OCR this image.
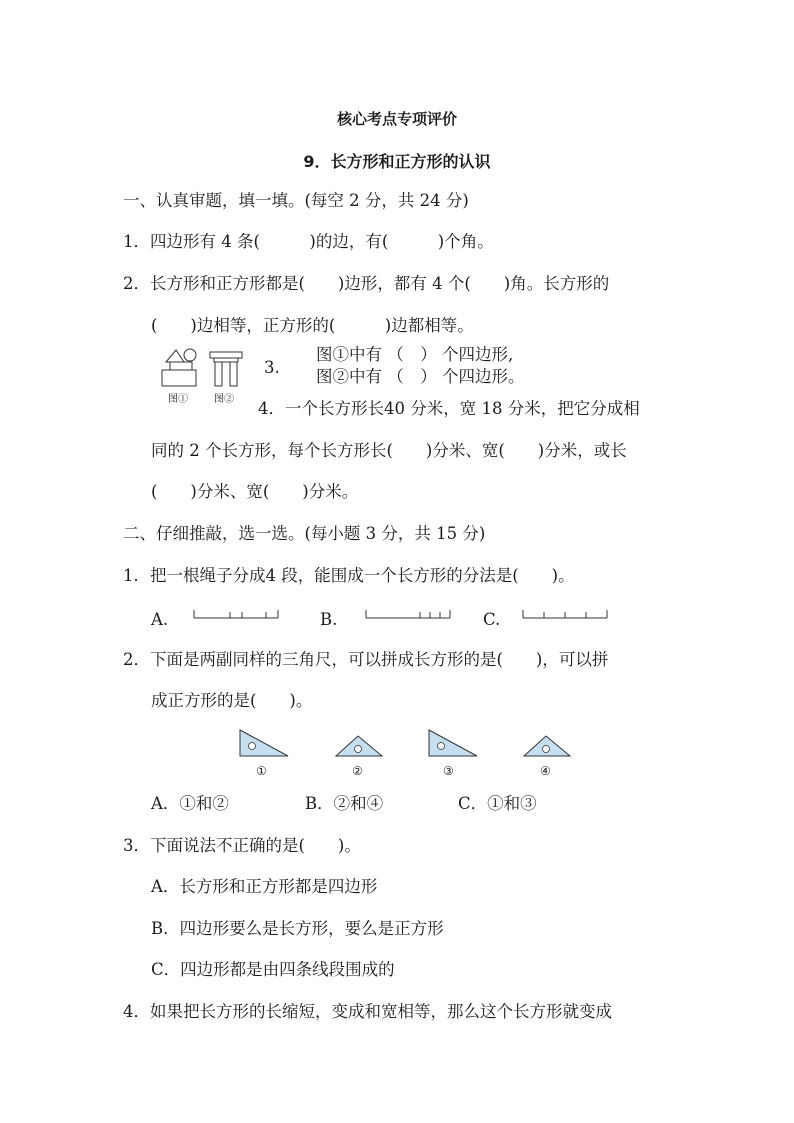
核心考点专项评价
9．长方形和正方形的认识
一、认真审题，填一填。(每空 2 分，共 24 分)
1．四边形有 4 条(　　　)的边，有(　　　)个角。
2．长方形和正方形都是(　　)边形，都有 4 个(　　)角。长方形的
(　　)边相等，正方形的(　　　)边都相等。
图①	图②
3.
图①中有 （　） 个四边形,
图②中有 （　） 个四边形。
4．一个长方形长40 分米，宽 18 分米，把它分成相
同的 2 个长方形，每个长方形长(　　)分米、宽(　　)分米，或长
(　　)分米、宽(　　)分米。
二、仔细推敲，选一选。(每小题 3 分，共 15 分)
1．把一根绳子分成4 段，能围成一个长方形的分法是(　　)。
A.	B.	C.
2．下面是两副同样的三角尺，可以拼成长方形的是(　　)，可以拼
成正方形的是(　　)。
①	②	③	④
A．①和②	B．②和④	C．①和③
3．下面说法不正确的是(　　)。
A．长方形和正方形都是四边形
B．四边形要么是长方形，要么是正方形
C．四边形都是由四条线段围成的
4．如果把长方形的长缩短，变成和宽相等，那么这个长方形就变成
